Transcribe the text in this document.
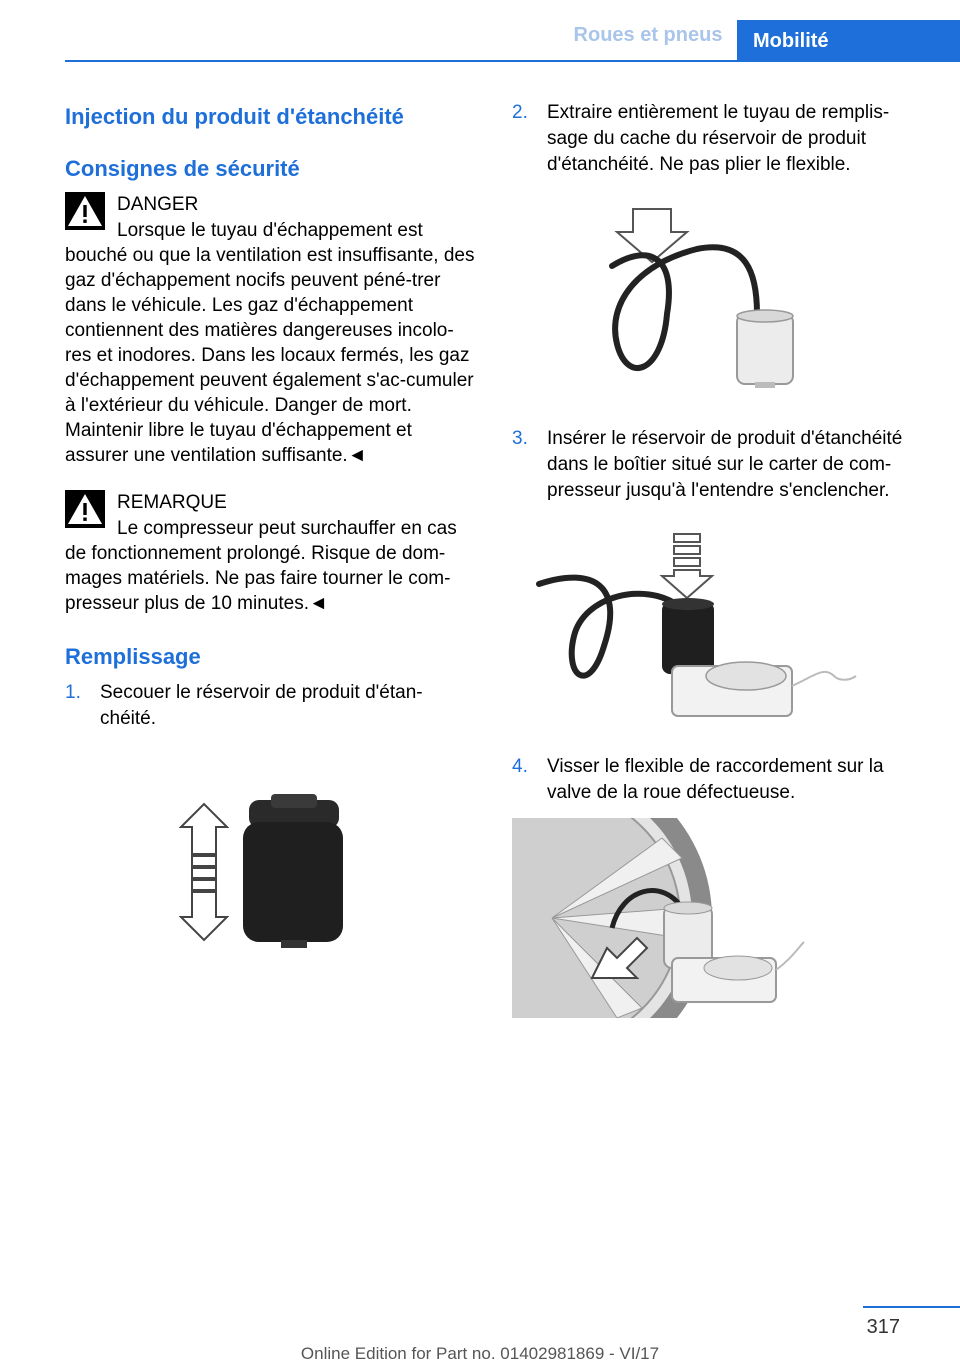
Roues et pneus	Mobilité
Injection du produit d'étanchéité
Consignes de sécurité
DANGER

Lorsque le tuyau d'échappement est bouché ou que la ventilation est insuffisante, des gaz d'échappement nocifs peuvent péné-trer dans le véhicule. Les gaz d'échappement contiennent des matières dangereuses incolo-res et inodores. Dans les locaux fermés, les gaz d'échappement peuvent également s'ac-cumuler à l'extérieur du véhicule. Danger de mort. Maintenir libre le tuyau d'échappement et assurer une ventilation suffisante.◄

REMARQUE

Le compresseur peut surchauffer en cas de fonctionnement prolongé. Risque de dom-mages matériels. Ne pas faire tourner le com-presseur plus de 10 minutes.◄

Remplissage
1. Secouer le réservoir de produit d'étan-chéité.
2. Extraire entièrement le tuyau de remplis-sage du cache du réservoir de produit d'étanchéité. Ne pas plier le flexible.
3. Insérer le réservoir de produit d'étanchéité dans le boîtier situé sur le carter de com-presseur jusqu'à l'entendre s'enclencher.
4. Visser le flexible de raccordement sur la valve de la roue défectueuse.
317
Online Edition for Part no. 01402981869 - VI/17
